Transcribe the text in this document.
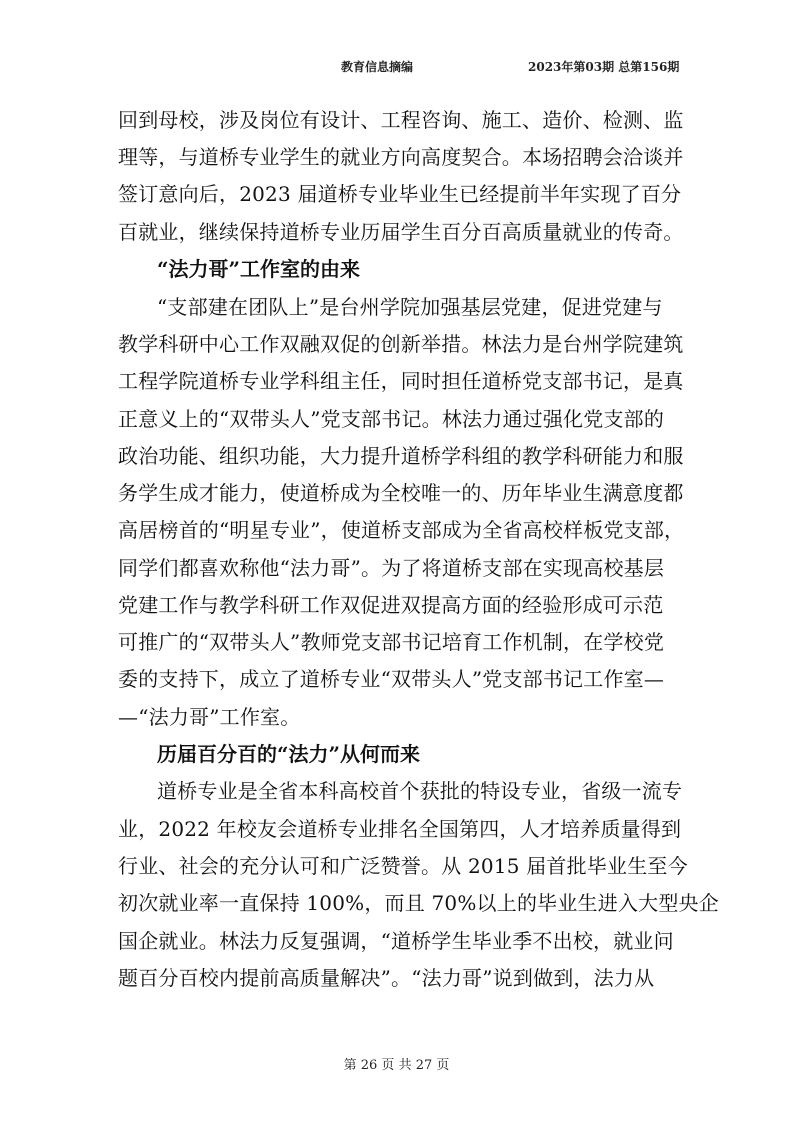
教育信息摘编	2023年第03期 总第156期
回到母校，涉及岗位有设计、工程咨询、施工、造价、检测、监
理等，与道桥专业学生的就业方向高度契合。本场招聘会洽谈并
签订意向后，2023 届道桥专业毕业生已经提前半年实现了百分
百就业，继续保持道桥专业历届学生百分百高质量就业的传奇。
“法力哥”工作室的由来
“支部建在团队上”是台州学院加强基层党建，促进党建与
教学科研中心工作双融双促的创新举措。林法力是台州学院建筑
工程学院道桥专业学科组主任，同时担任道桥党支部书记，是真
正意义上的“双带头人”党支部书记。林法力通过强化党支部的
政治功能、组织功能，大力提升道桥学科组的教学科研能力和服
务学生成才能力，使道桥成为全校唯一的、历年毕业生满意度都
高居榜首的“明星专业”，使道桥支部成为全省高校样板党支部，
同学们都喜欢称他“法力哥”。为了将道桥支部在实现高校基层
党建工作与教学科研工作双促进双提高方面的经验形成可示范
可推广的“双带头人”教师党支部书记培育工作机制，在学校党
委的支持下，成立了道桥专业“双带头人”党支部书记工作室—
—“法力哥”工作室。
历届百分百的“法力”从何而来
道桥专业是全省本科高校首个获批的特设专业，省级一流专
业，2022 年校友会道桥专业排名全国第四，人才培养质量得到
行业、社会的充分认可和广泛赞誉。从 2015 届首批毕业生至今
初次就业率一直保持 100%，而且 70%以上的毕业生进入大型央企
国企就业。林法力反复强调，“道桥学生毕业季不出校，就业问
题百分百校内提前高质量解决”。“法力哥”说到做到，法力从
第 26 页 共 27 页
